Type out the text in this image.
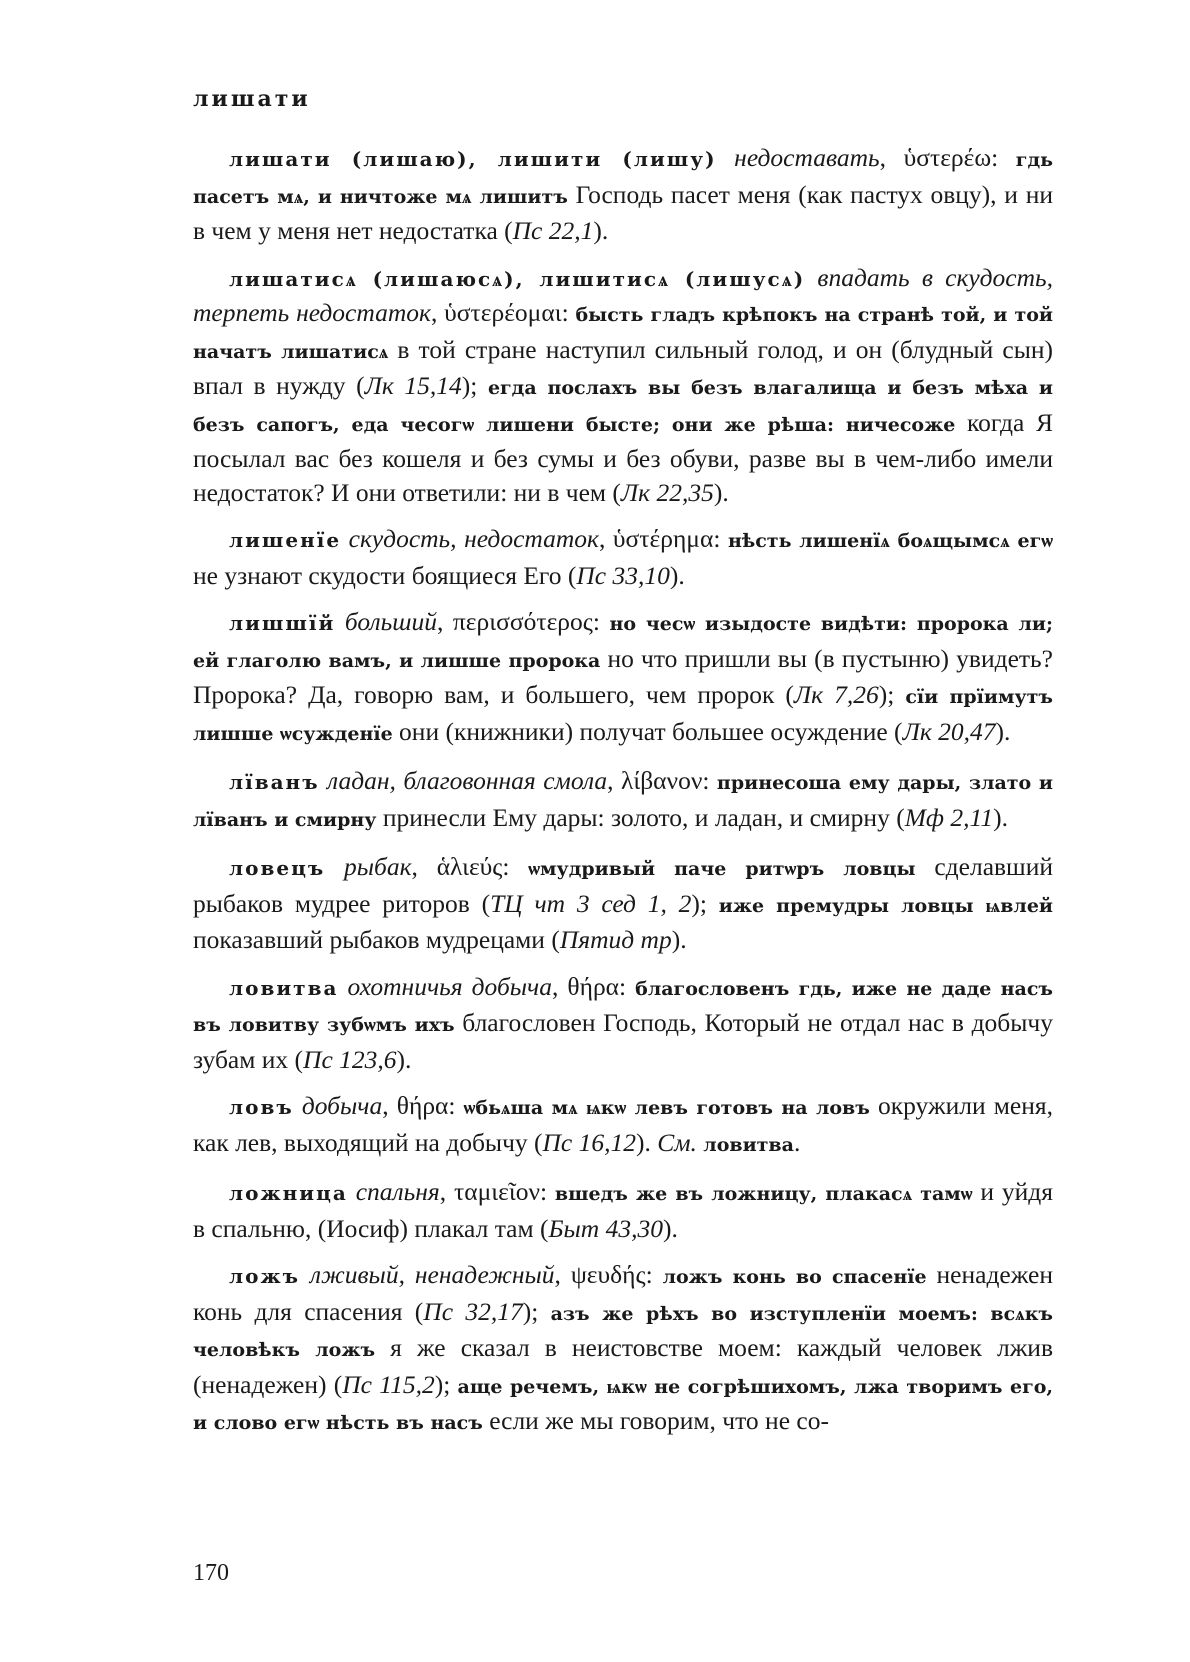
лишати

лишати (лишаю), лишити (лишу) недоставать, ὑστερέω: гдь пасетъ мѧ, и ничтоже мѧ лишитъ Господь пасет меня (как пастух овцу), и ни в чем у меня нет недостатка (Пс 22,1).

лишатисѧ (лишаюсѧ), лишитисѧ (лишусѧ) впадать в скудость, терпеть недостаток, ὑστερέομαι: бысть гладъ крѣпокъ на странѣ той, и той начатъ лишатисѧ в той стране наступил сильный голод, и он (блудный сын) впал в нужду (Лк 15,14); егда послахъ вы безъ влагалища и безъ мѣха и безъ сапогъ, еда чесогѡ лишени бысте; они же рѣша: ничесоже когда Я посылал вас без кошеля и без сумы и без обуви, разве вы в чем-либо имели недостаток? И они ответили: ни в чем (Лк 22,35).

лишенїе скудость, недостаток, ὑστέρημα: нѣсть лишенїѧ боѧщымсѧ егѡ не узнают скудости боящиеся Его (Пс 33,10).

лишшїй больший, περισσότερος: но чесѡ изыдосте видѣти: пророка ли; ей глаголю вамъ, и лишше пророка но что пришли вы (в пустыню) увидеть? Пророка? Да, говорю вам, и большего, чем пророк (Лк 7,26); сїи прїимутъ лишше ѡсужденїе они (книжники) получат большее осуждение (Лк 20,47).

лїванъ ладан, благовонная смола, λίβανον: принесоша ему дары, злато и лїванъ и смирну принесли Ему дары: золото, и ладан, и смирну (Мф 2,11).

ловецъ рыбак, ἁλιεύς: ѡмудривый паче ритѡръ ловцы сделавший рыбаков мудрее риторов (ТЦ чт 3 сед 1, 2); иже премудры ловцы ѩвлей показавший рыбаков мудрецами (Пятид тр).

ловитва охотничья добыча, θήρα: благословенъ гдь, иже не даде насъ въ ловитву зубѡмъ ихъ благословен Господь, Который не отдал нас в добычу зубам их (Пс 123,6).

ловъ добыча, θήρα: ѡбьѧша мѧ ѩкѡ левъ готовъ на ловъ окружили меня, как лев, выходящий на добычу (Пс 16,12). См. ловитва.

ложница спальня, ταμιεῖον: вшедъ же въ ложницу, плакасѧ тамѡ и уйдя в спальню, (Иосиф) плакал там (Быт 43,30).

ложъ лживый, ненадежный, ψευδής: ложъ конь во спасенїе ненадежен конь для спасения (Пс 32,17); азъ же рѣхъ во изступленїи моемъ: всѧкъ человѣкъ ложъ я же сказал в неистовстве моем: каждый человек лжив (ненадежен) (Пс 115,2); аще речемъ, ѩкѡ не согрѣшихомъ, лжа творимъ его, и слово егѡ нѣсть въ насъ если же мы говорим, что не со-

170
